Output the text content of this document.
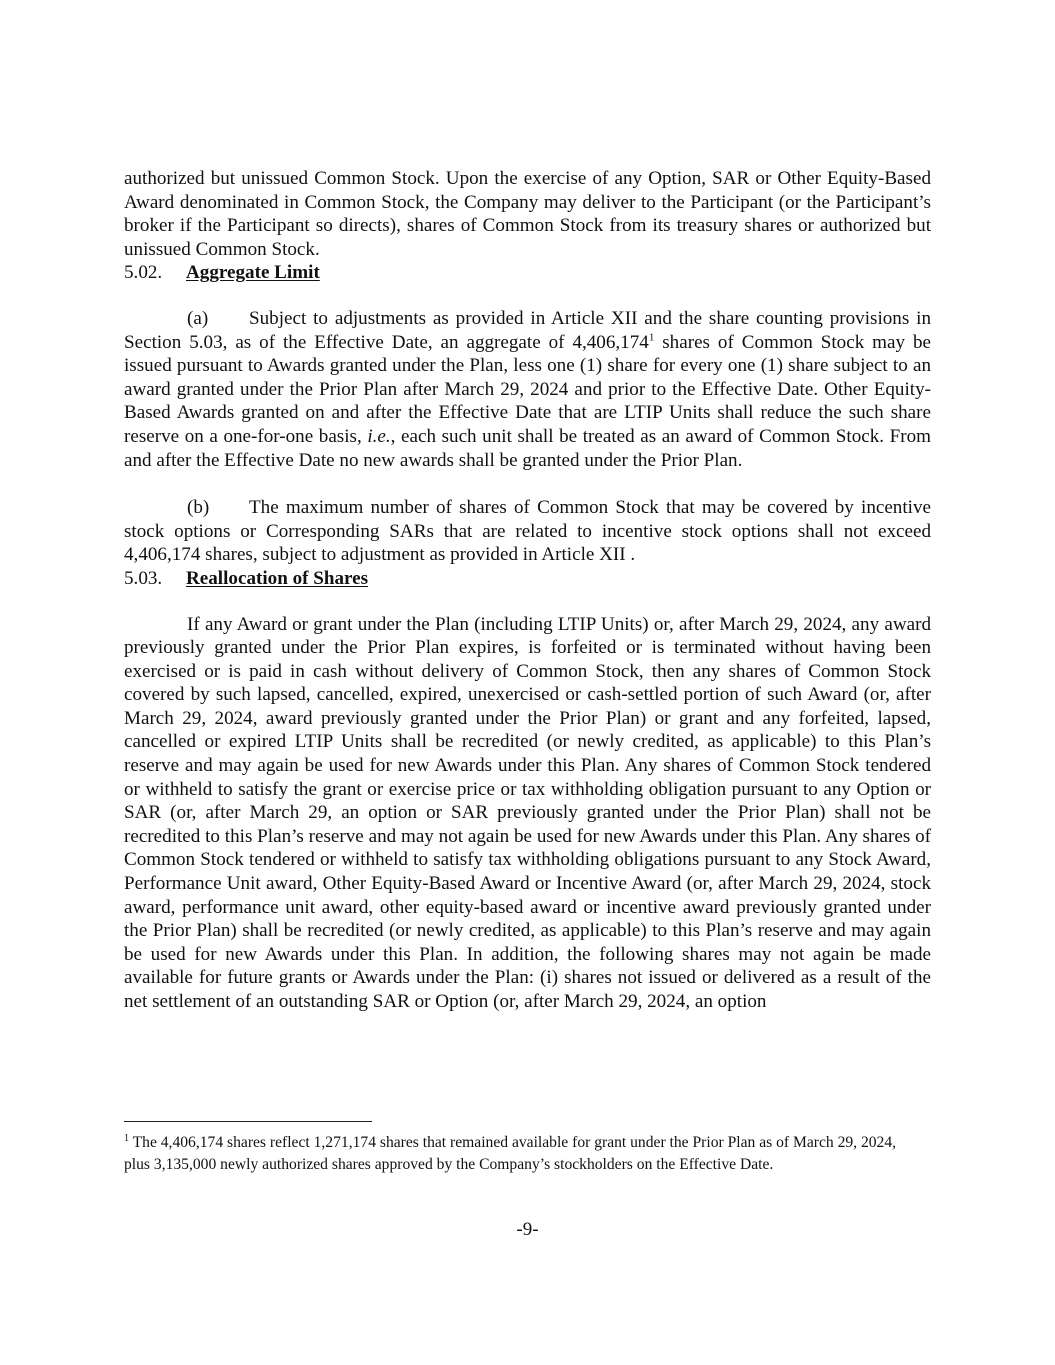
authorized but unissued Common Stock. Upon the exercise of any Option, SAR or Other Equity-Based Award denominated in Common Stock, the Company may deliver to the Participant (or the Participant’s broker if the Participant so directs), shares of Common Stock from its treasury shares or authorized but unissued Common Stock.

5.02.	Aggregate Limit

(a) Subject to adjustments as provided in Article XII and the share counting provisions in Section 5.03, as of the Effective Date, an aggregate of 4,406,174$^1$ shares of Common Stock may be issued pursuant to Awards granted under the Plan, less one (1) share for every one (1) share subject to an award granted under the Prior Plan after March 29, 2024 and prior to the Effective Date. Other Equity-Based Awards granted on and after the Effective Date that are LTIP Units shall reduce the such share reserve on a one-for-one basis, i.e., each such unit shall be treated as an award of Common Stock. From and after the Effective Date no new awards shall be granted under the Prior Plan.

(b) The maximum number of shares of Common Stock that may be covered by incentive stock options or Corresponding SARs that are related to incentive stock options shall not exceed 4,406,174 shares, subject to adjustment as provided in Article XII .

5.03.	Reallocation of Shares

If any Award or grant under the Plan (including LTIP Units) or, after March 29, 2024, any award previously granted under the Prior Plan expires, is forfeited or is terminated without having been exercised or is paid in cash without delivery of Common Stock, then any shares of Common Stock covered by such lapsed, cancelled, expired, unexercised or cash-settled portion of such Award (or, after March 29, 2024, award previously granted under the Prior Plan) or grant and any forfeited, lapsed, cancelled or expired LTIP Units shall be recredited (or newly credited, as applicable) to this Plan’s reserve and may again be used for new Awards under this Plan. Any shares of Common Stock tendered or withheld to satisfy the grant or exercise price or tax withholding obligation pursuant to any Option or SAR (or, after March 29, an option or SAR previously granted under the Prior Plan) shall not be recredited to this Plan’s reserve and may not again be used for new Awards under this Plan. Any shares of Common Stock tendered or withheld to satisfy tax withholding obligations pursuant to any Stock Award, Performance Unit award, Other Equity-Based Award or Incentive Award (or, after March 29, 2024, stock award, performance unit award, other equity-based award or incentive award previously granted under the Prior Plan) shall be recredited (or newly credited, as applicable) to this Plan’s reserve and may again be used for new Awards under this Plan. In addition, the following shares may not again be made available for future grants or Awards under the Plan: (i) shares not issued or delivered as a result of the net settlement of an outstanding SAR or Option (or, after March 29, 2024, an option

$^1$ The 4,406,174 shares reflect 1,271,174 shares that remained available for grant under the Prior Plan as of March 29, 2024, plus 3,135,000 newly authorized shares approved by the Company’s stockholders on the Effective Date.
-9-
